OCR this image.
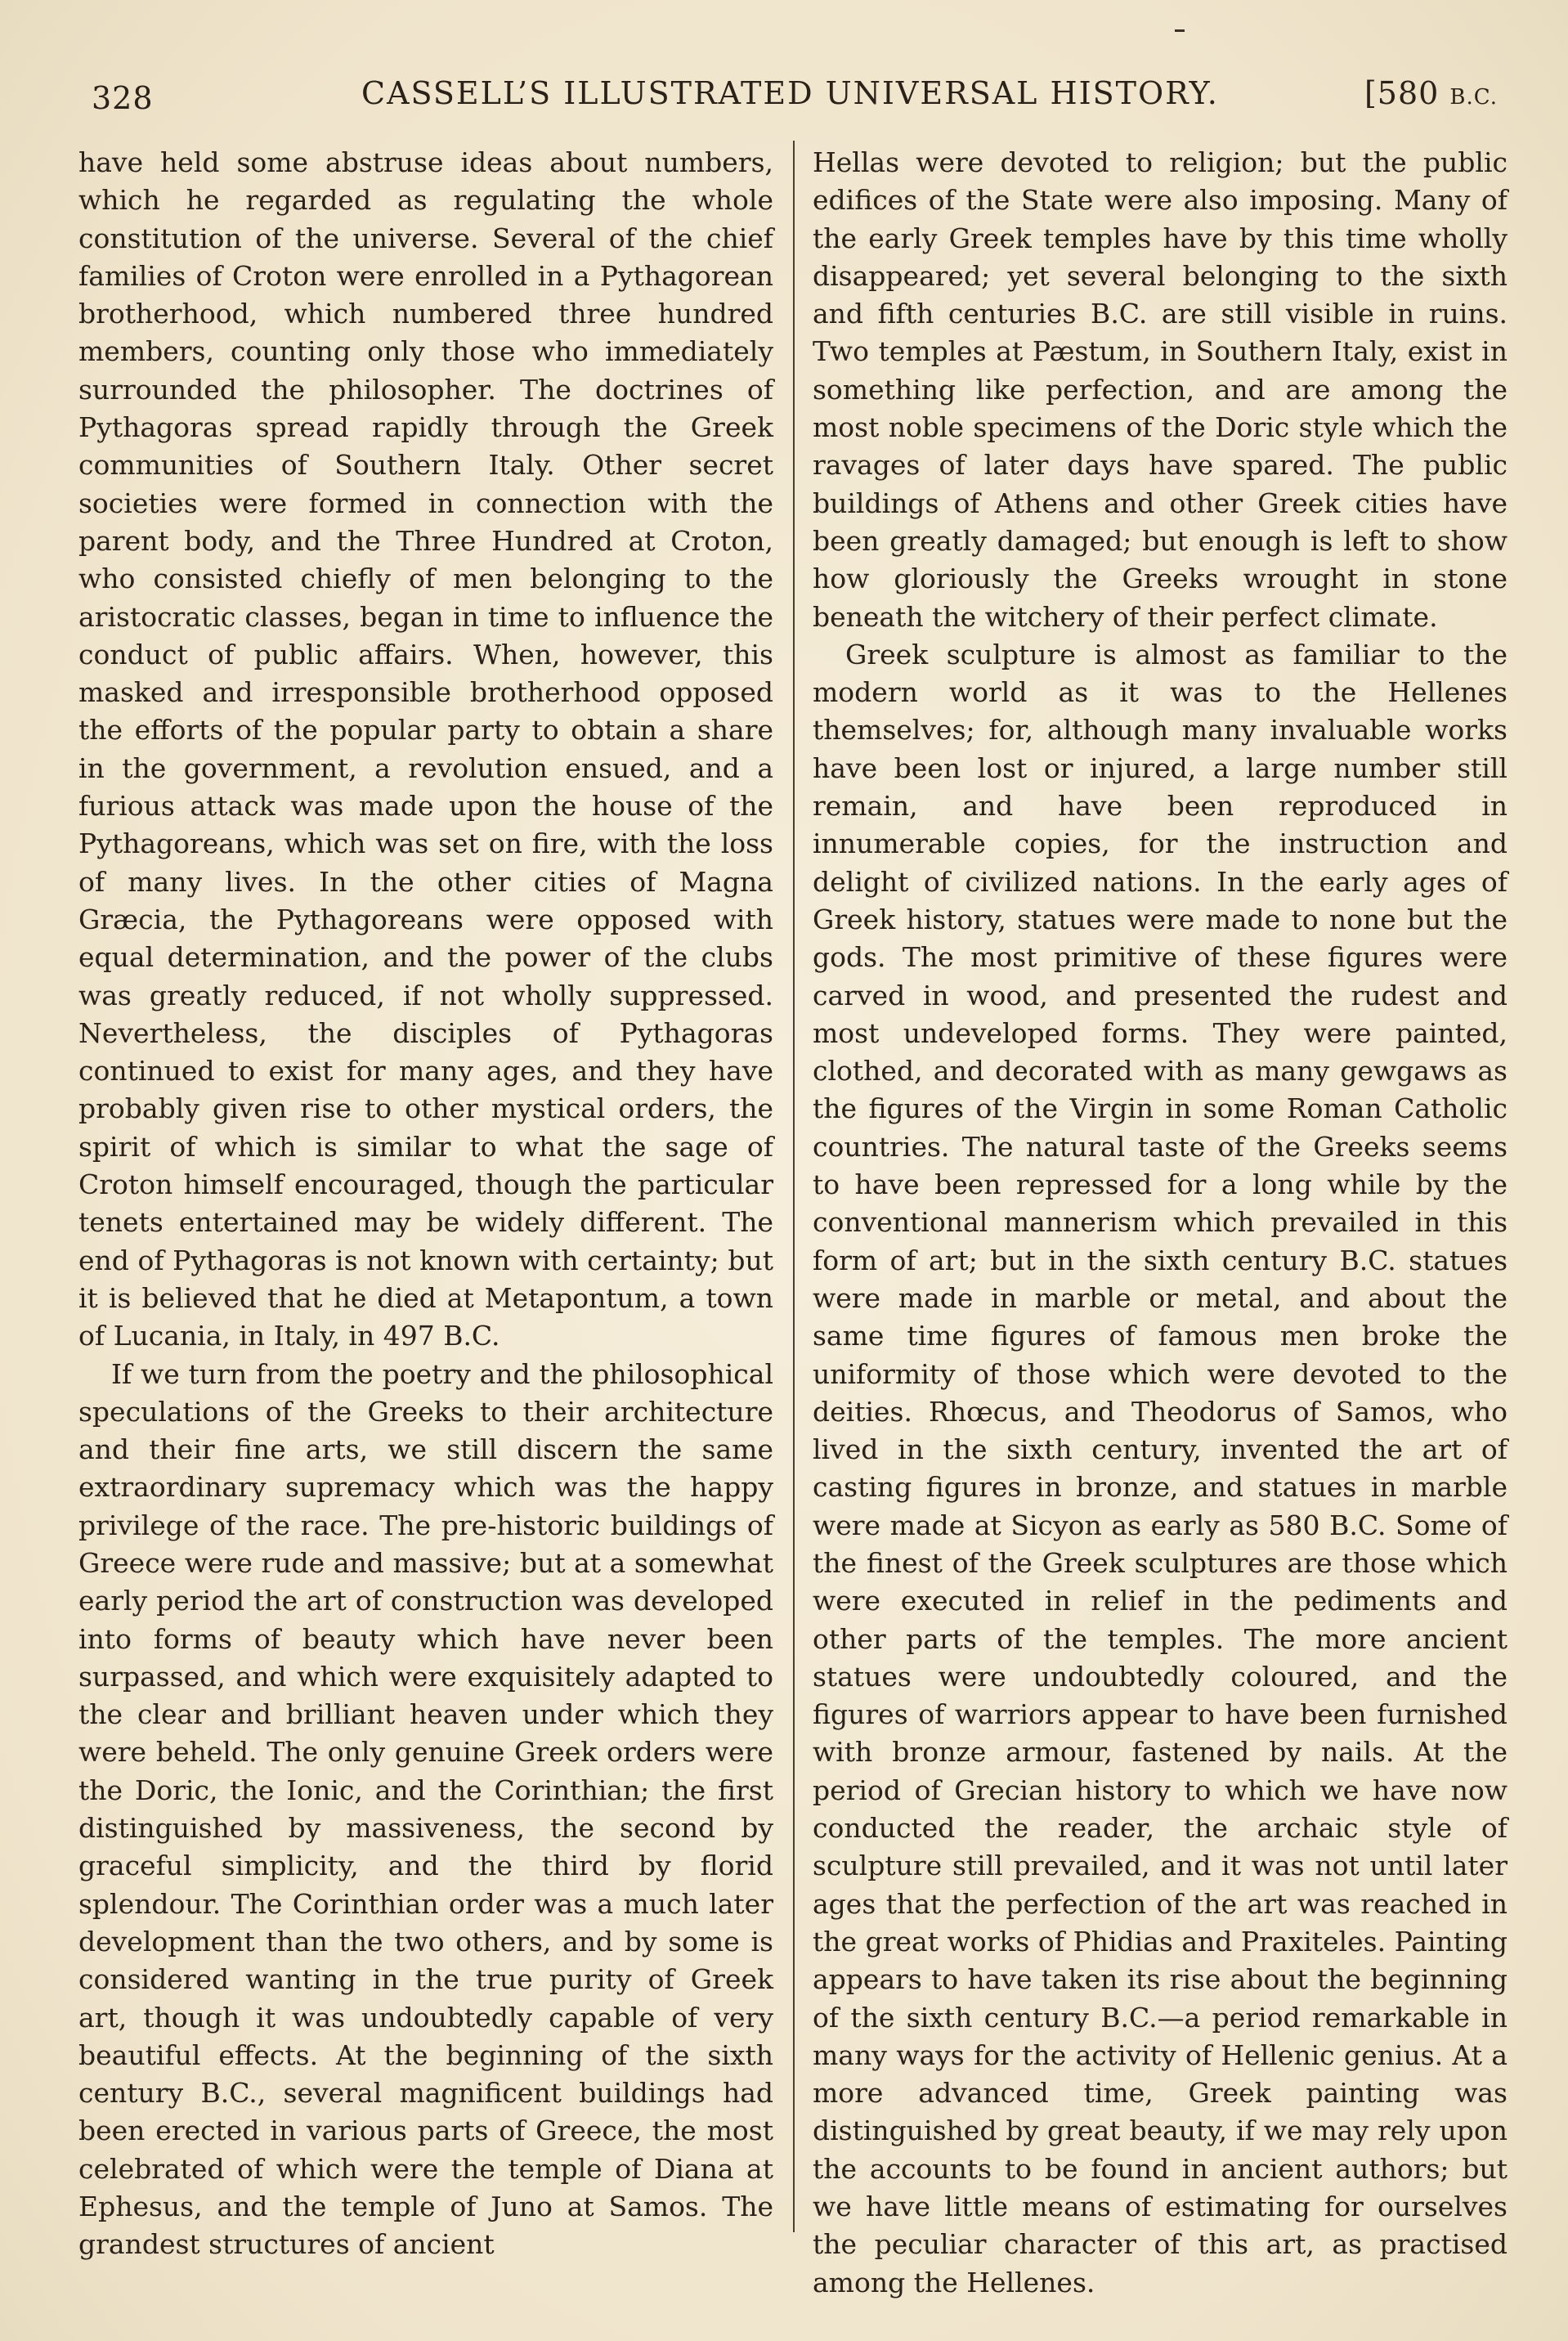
328	CASSELL’S ILLUSTRATED UNIVERSAL HISTORY.	[580 B.C.

have held some abstruse ideas about numbers, which he regarded as regulating the whole constitution of the universe. Several of the chief families of Croton were enrolled in a Pythagorean brotherhood, which numbered three hundred members, counting only those who immediately surrounded the philosopher. The doctrines of Pythagoras spread rapidly through the Greek communities of Southern Italy. Other secret societies were formed in connection with the parent body, and the Three Hundred at Croton, who consisted chiefly of men belonging to the aristocratic classes, began in time to influence the conduct of public affairs. When, however, this masked and irresponsible brotherhood opposed the efforts of the popular party to obtain a share in the government, a revolution ensued, and a furious attack was made upon the house of the Pythagoreans, which was set on fire, with the loss of many lives. In the other cities of Magna Græcia, the Pythagoreans were opposed with equal determination, and the power of the clubs was greatly reduced, if not wholly suppressed. Nevertheless, the disciples of Pythagoras continued to exist for many ages, and they have probably given rise to other mystical orders, the spirit of which is similar to what the sage of Croton himself encouraged, though the particular tenets entertained may be widely different. The end of Pythagoras is not known with certainty; but it is believed that he died at Metapontum, a town of Lucania, in Italy, in 497 B.C.

If we turn from the poetry and the philosophical speculations of the Greeks to their architecture and their fine arts, we still discern the same extraordinary supremacy which was the happy privilege of the race. The pre-historic buildings of Greece were rude and massive; but at a somewhat early period the art of construction was developed into forms of beauty which have never been surpassed, and which were exquisitely adapted to the clear and brilliant heaven under which they were beheld. The only genuine Greek orders were the Doric, the Ionic, and the Corinthian; the first distinguished by massiveness, the second by graceful simplicity, and the third by florid splendour. The Corinthian order was a much later development than the two others, and by some is considered wanting in the true purity of Greek art, though it was undoubtedly capable of very beautiful effects. At the beginning of the sixth century B.C., several magnificent buildings had been erected in various parts of Greece, the most celebrated of which were the temple of Diana at Ephesus, and the temple of Juno at Samos. The grandest structures of ancient

Hellas were devoted to religion; but the public edifices of the State were also imposing. Many of the early Greek temples have by this time wholly disappeared; yet several belonging to the sixth and fifth centuries B.C. are still visible in ruins. Two temples at Pæstum, in Southern Italy, exist in something like perfection, and are among the most noble specimens of the Doric style which the ravages of later days have spared. The public buildings of Athens and other Greek cities have been greatly damaged; but enough is left to show how gloriously the Greeks wrought in stone beneath the witchery of their perfect climate.

Greek sculpture is almost as familiar to the modern world as it was to the Hellenes themselves; for, although many invaluable works have been lost or injured, a large number still remain, and have been reproduced in innumerable copies, for the instruction and delight of civilized nations. In the early ages of Greek history, statues were made to none but the gods. The most primitive of these figures were carved in wood, and presented the rudest and most undeveloped forms. They were painted, clothed, and decorated with as many gewgaws as the figures of the Virgin in some Roman Catholic countries. The natural taste of the Greeks seems to have been repressed for a long while by the conventional mannerism which prevailed in this form of art; but in the sixth century B.C. statues were made in marble or metal, and about the same time figures of famous men broke the uniformity of those which were devoted to the deities. Rhœcus, and Theodorus of Samos, who lived in the sixth century, invented the art of casting figures in bronze, and statues in marble were made at Sicyon as early as 580 B.C. Some of the finest of the Greek sculptures are those which were executed in relief in the pediments and other parts of the temples. The more ancient statues were undoubtedly coloured, and the figures of warriors appear to have been furnished with bronze armour, fastened by nails. At the period of Grecian history to which we have now conducted the reader, the archaic style of sculpture still prevailed, and it was not until later ages that the perfection of the art was reached in the great works of Phidias and Praxiteles. Painting appears to have taken its rise about the beginning of the sixth century B.C.—a period remarkable in many ways for the activity of Hellenic genius. At a more advanced time, Greek painting was distinguished by great beauty, if we may rely upon the accounts to be found in ancient authors; but we have little means of estimating for ourselves the peculiar character of this art, as practised among the Hellenes.
